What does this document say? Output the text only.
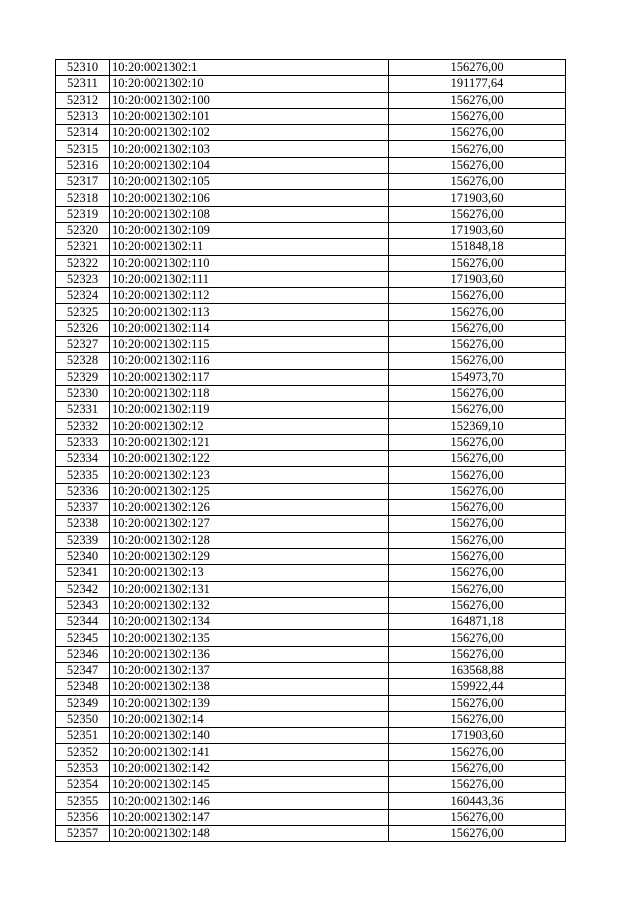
52310	10:20:0021302:1	156276,00
52311	10:20:0021302:10	191177,64
52312	10:20:0021302:100	156276,00
52313	10:20:0021302:101	156276,00
52314	10:20:0021302:102	156276,00
52315	10:20:0021302:103	156276,00
52316	10:20:0021302:104	156276,00
52317	10:20:0021302:105	156276,00
52318	10:20:0021302:106	171903,60
52319	10:20:0021302:108	156276,00
52320	10:20:0021302:109	171903,60
52321	10:20:0021302:11	151848,18
52322	10:20:0021302:110	156276,00
52323	10:20:0021302:111	171903,60
52324	10:20:0021302:112	156276,00
52325	10:20:0021302:113	156276,00
52326	10:20:0021302:114	156276,00
52327	10:20:0021302:115	156276,00
52328	10:20:0021302:116	156276,00
52329	10:20:0021302:117	154973,70
52330	10:20:0021302:118	156276,00
52331	10:20:0021302:119	156276,00
52332	10:20:0021302:12	152369,10
52333	10:20:0021302:121	156276,00
52334	10:20:0021302:122	156276,00
52335	10:20:0021302:123	156276,00
52336	10:20:0021302:125	156276,00
52337	10:20:0021302:126	156276,00
52338	10:20:0021302:127	156276,00
52339	10:20:0021302:128	156276,00
52340	10:20:0021302:129	156276,00
52341	10:20:0021302:13	156276,00
52342	10:20:0021302:131	156276,00
52343	10:20:0021302:132	156276,00
52344	10:20:0021302:134	164871,18
52345	10:20:0021302:135	156276,00
52346	10:20:0021302:136	156276,00
52347	10:20:0021302:137	163568,88
52348	10:20:0021302:138	159922,44
52349	10:20:0021302:139	156276,00
52350	10:20:0021302:14	156276,00
52351	10:20:0021302:140	171903,60
52352	10:20:0021302:141	156276,00
52353	10:20:0021302:142	156276,00
52354	10:20:0021302:145	156276,00
52355	10:20:0021302:146	160443,36
52356	10:20:0021302:147	156276,00
52357	10:20:0021302:148	156276,00
